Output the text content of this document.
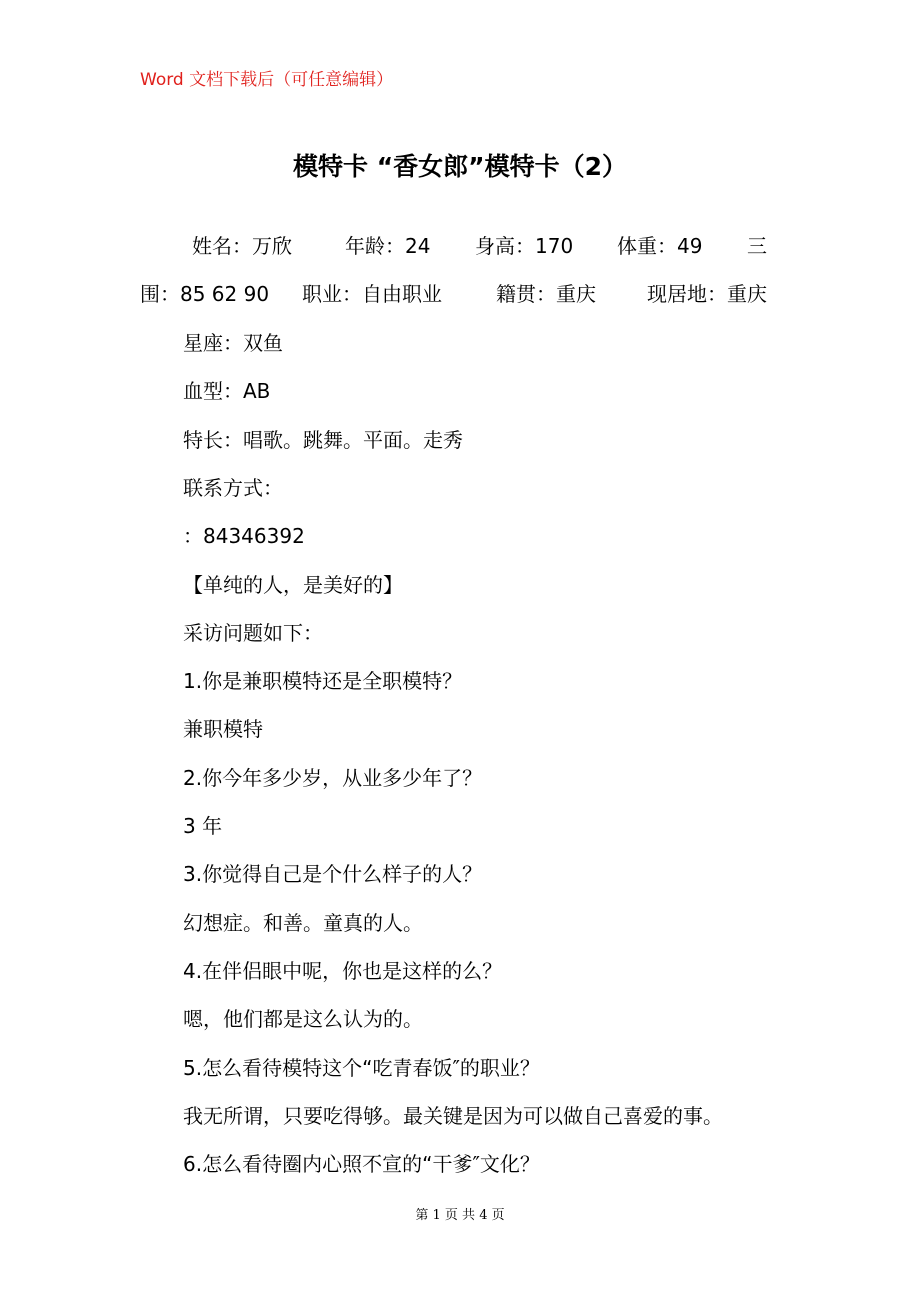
Word 文档下载后（可任意编辑）
模特卡 “香女郎”模特卡（2）
姓名：万欣	年龄：24 身高：170 体重：49 三
围：85 62 90 职业：自由职业	籍贯：重庆	现居地：重庆
星座：双鱼
血型：AB
特长：唱歌。跳舞。平面。走秀
联系方式：
：84346392
【单纯的人，是美好的】
采访问题如下：
1.你是兼职模特还是全职模特？
兼职模特
2.你今年多少岁，从业多少年了？
3 年
3.你觉得自己是个什么样子的人？
幻想症。和善。童真的人。
4.在伴侣眼中呢，你也是这样的么？
嗯，他们都是这么认为的。
5.怎么看待模特这个“吃青春饭″的职业？
我无所谓，只要吃得够。最关键是因为可以做自己喜爱的事。
6.怎么看待圈内心照不宣的“干爹″文化？
第 1 页 共 4 页
